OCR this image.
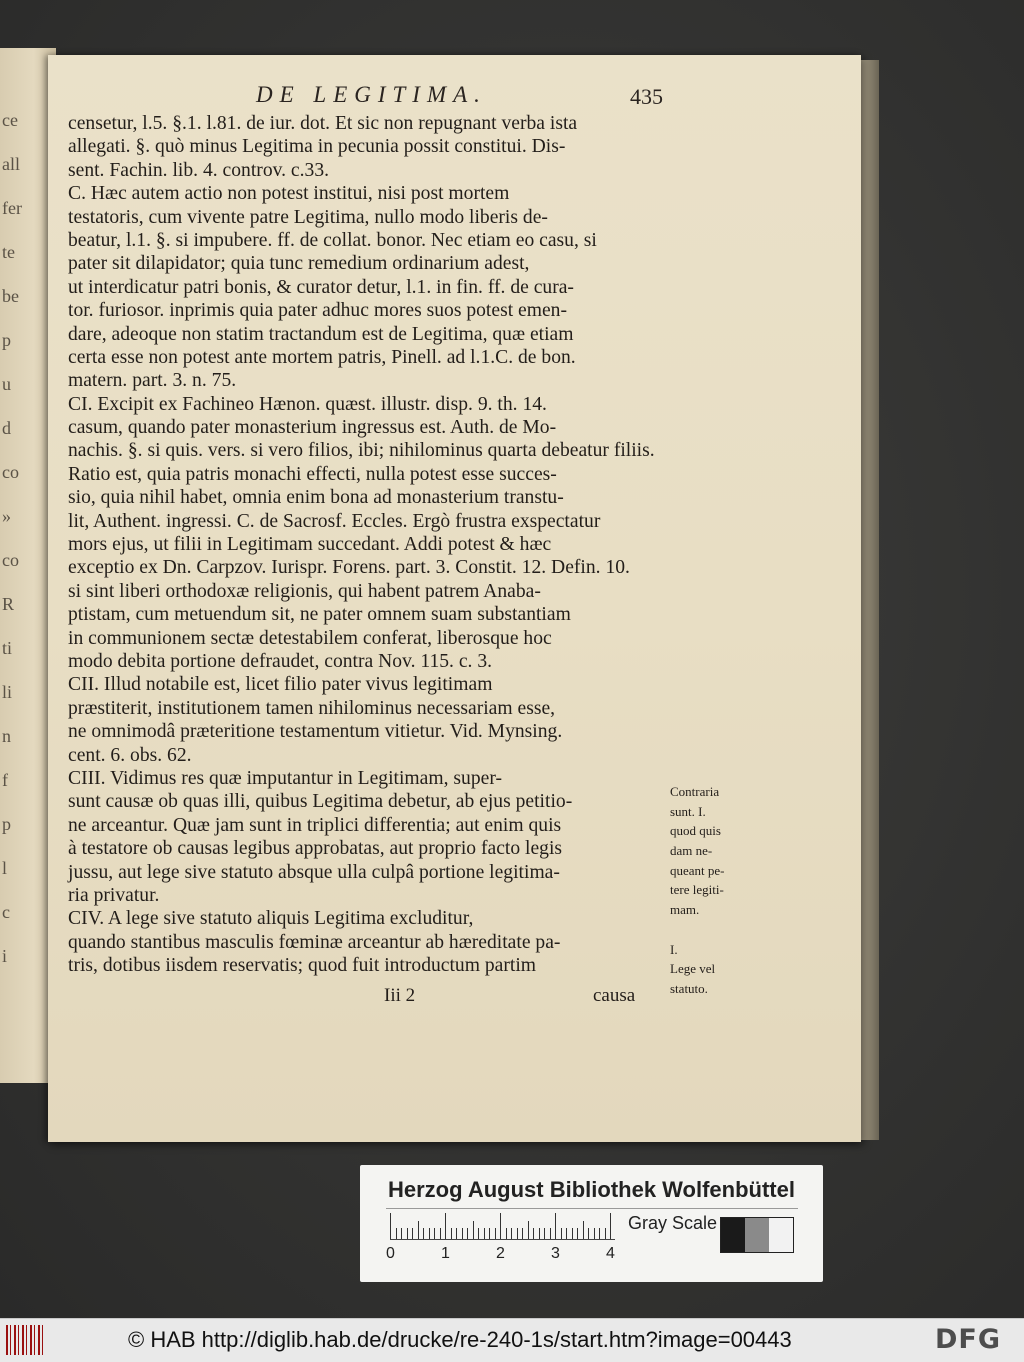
ce
all
fer
te
be
p
u
d
co
»
co
R
ti
li
n
f
p
l
c
i
DE LEGITIMA.	435
censetur, l.5. §.1. l.81. de iur. dot. Et sic non repugnant verba ista
allegati. §. quò minus Legitima in pecunia possit constitui. Dis-
sent. Fachin. lib. 4. controv. c.33.
C. Hæc autem actio non potest institui, nisi post mortem
testatoris, cum vivente patre Legitima, nullo modo liberis de-
beatur, l.1. §. si impubere. ff. de collat. bonor. Nec etiam eo casu, si
pater sit dilapidator; quia tunc remedium ordinarium adest,
ut interdicatur patri bonis, & curator detur, l.1. in fin. ff. de cura-
tor. furiosor. inprimis quia pater adhuc mores suos potest emen-
dare, adeoque non statim tractandum est de Legitima, quæ etiam
certa esse non potest ante mortem patris, Pinell. ad l.1.C. de bon.
matern. part. 3. n. 75.
CI. Excipit ex Fachineo Hænon. quæst. illustr. disp. 9. th. 14.
casum, quando pater monasterium ingressus est. Auth. de Mo-
nachis. §. si quis. vers. si vero filios, ibi; nihilominus quarta debeatur filiis.
Ratio est, quia patris monachi effecti, nulla potest esse succes-
sio, quia nihil habet, omnia enim bona ad monasterium transtu-
lit, Authent. ingressi. C. de Sacrosf. Eccles. Ergò frustra exspectatur
mors ejus, ut filii in Legitimam succedant. Addi potest & hæc
exceptio ex Dn. Carpzov. Iurispr. Forens. part. 3. Constit. 12. Defin. 10.
si sint liberi orthodoxæ religionis, qui habent patrem Anaba-
ptistam, cum metuendum sit, ne pater omnem suam substantiam
in communionem sectæ detestabilem conferat, liberosque hoc
modo debita portione defraudet, contra Nov. 115. c. 3.
CII. Illud notabile est, licet filio pater vivus legitimam
præstiterit, institutionem tamen nihilominus necessariam esse,
ne omnimodâ præteritione testamentum vitietur. Vid. Mynsing.
cent. 6. obs. 62.
CIII. Vidimus res quæ imputantur in Legitimam, super-
sunt causæ ob quas illi, quibus Legitima debetur, ab ejus petitio-
ne arceantur. Quæ jam sunt in triplici differentia; aut enim quis
à testatore ob causas legibus approbatas, aut proprio facto legis
jussu, aut lege sive statuto absque ulla culpâ portione legitima-
ria privatur.
CIV. A lege sive statuto aliquis Legitima excluditur,
quando stantibus masculis fœminæ arceantur ab hæreditate pa-
tris, dotibus iisdem reservatis; quod fuit introductum partim
Contraria
sunt. I.
quod quis
dam ne-
queant pe-
tere legiti-
mam.
I.
Lege vel
statuto.
Iii 2	causa
Herzog August Bibliothek Wolfenbüttel
0	1	2	3	4
Gray Scale
© HAB http://diglib.hab.de/drucke/re-240-1s/start.htm?image=00443	DFG
